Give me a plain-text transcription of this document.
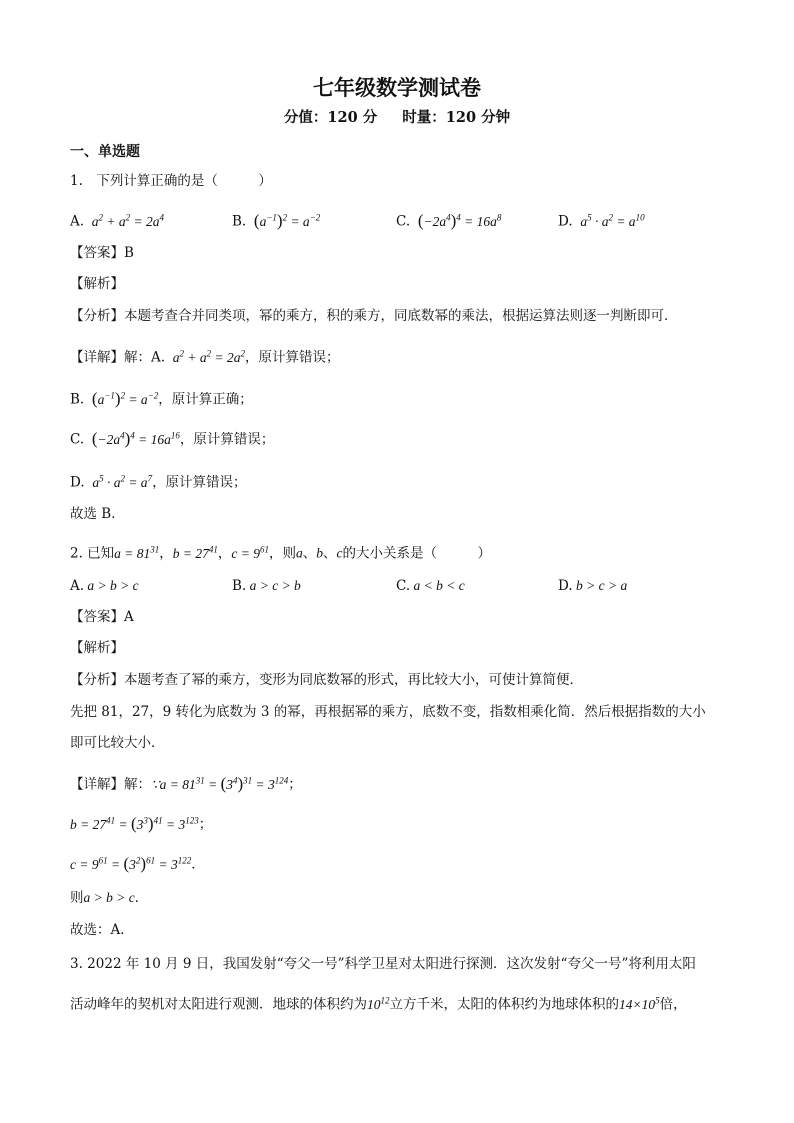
七年级数学测试卷
分值：120 分 时量：120 分钟
一、单选题
1.　下列计算正确的是（　　　）
A.  $a^2 + a^2 = 2a^4$	B. $(a^{-1})^2 = a^{-2}$	C. $(-2a^4)^4 = 16a^8$	D.  $a^5 \cdot a^2 = a^{10}$
【答案】B
【解析】
【分析】本题考查合并同类项，幂的乘方，积的乘方，同底数幂的乘法，根据运算法则逐一判断即可．
【详解】解：A.  $a^2 + a^2 = 2a^2$，原计算错误；
B. $(a^{-1})^2 = a^{-2}$，原计算正确；
C. $(-2a^4)^4 = 16a^{16}$，原计算错误；
D.  $a^5 \cdot a^2 = a^7$，原计算错误；
故选 B．
2. 已知$a = 81^{31}$，$b = 27^{41}$，$c = 9^{61}$，则a、b、c的大小关系是（　　　）
A. a > b > c	B. a > c > b	C. a < b < c	D. b > c > a
【答案】A
【解析】
【分析】本题考查了幂的乘方，变形为同底数幂的形式，再比较大小，可使计算简便．
先把 81，27，9 转化为底数为 3 的幂，再根据幂的乘方，底数不变，指数相乘化简．然后根据指数的大小
即可比较大小．
【详解】解：∵a = $81^{31} = (3^4)^{31} = 3^{124}$；
$b = 27^{41} = (3^3)^{41} = 3^{123}$；
$c = 9^{61} = (3^2)^{61} = 3^{122}$．
则a > b > c．
故选：A．
3. 2022 年 10 月 9 日，我国发射“夸父一号”科学卫星对太阳进行探测．这次发射“夸父一号”将利用太阳
活动峰年的契机对太阳进行观测．地球的体积约为$10^{12}$立方千米，太阳的体积约为地球体积的$14\times 10^5$倍，
